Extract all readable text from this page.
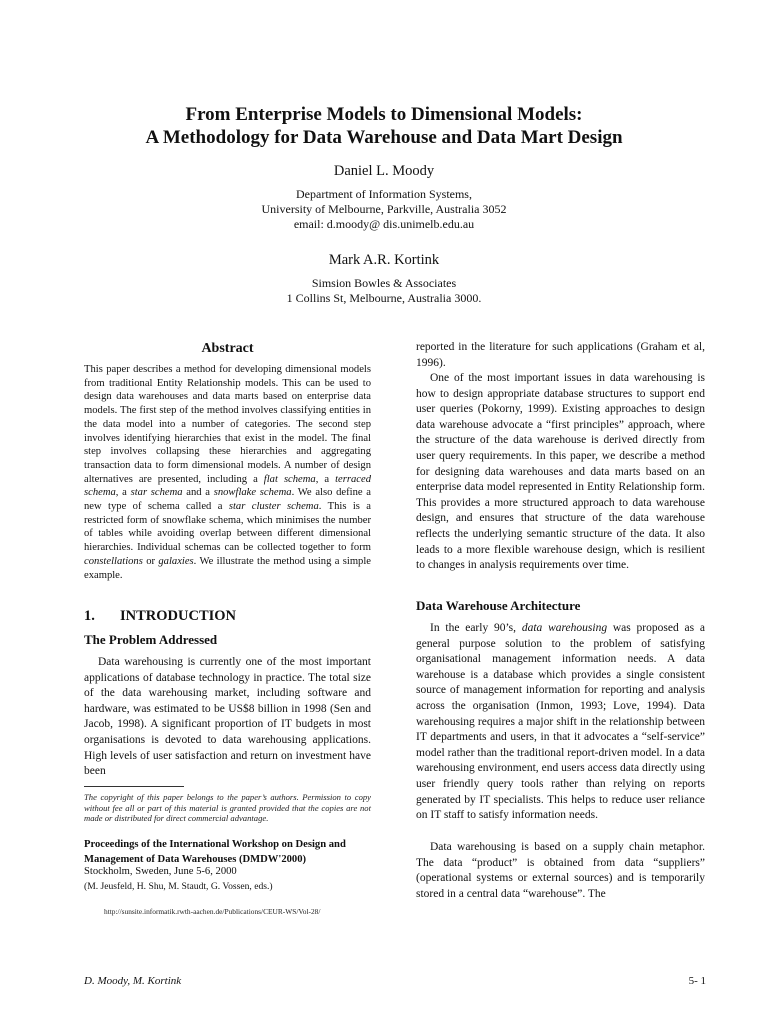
From Enterprise Models to Dimensional Models:
A Methodology for Data Warehouse and Data Mart Design
Daniel L. Moody
Department of Information Systems,
University of Melbourne, Parkville, Australia 3052
email: d.moody@ dis.unimelb.edu.au
Mark A.R. Kortink
Simsion Bowles & Associates
1 Collins St, Melbourne, Australia 3000.
Abstract
This paper describes a method for developing dimensional models from traditional Entity Relationship models. This can be used to design data warehouses and data marts based on enterprise data models. The first step of the method involves classifying entities in the data model into a number of categories. The second step involves identifying hierarchies that exist in the model. The final step involves collapsing these hierarchies and aggregating transaction data to form dimensional models. A number of design alternatives are presented, including a flat schema, a terraced schema, a star schema and a snowflake schema. We also define a new type of schema called a star cluster schema. This is a restricted form of snowflake schema, which minimises the number of tables while avoiding overlap between different dimensional hierarchies. Individual schemas can be collected together to form constellations or galaxies. We illustrate the method using a simple example.
1. INTRODUCTION
The Problem Addressed

Data warehousing is currently one of the most important applications of database technology in practice. The total size of the data warehousing market, including software and hardware, was estimated to be US$8 billion in 1998 (Sen and Jacob, 1998). A significant proportion of IT budgets in most organisations is devoted to data warehousing applications. High levels of user satisfaction and return on investment have been

The copyright of this paper belongs to the paper’s authors. Permission to copy without fee all or part of this material is granted provided that the copies are not made or distributed for direct commercial advantage.
Proceedings of the International Workshop on Design and Management of Data Warehouses (DMDW'2000)
Stockholm, Sweden, June 5-6, 2000
(M. Jeusfeld, H. Shu, M. Staudt, G. Vossen, eds.)
http://sunsite.informatik.rwth-aachen.de/Publications/CEUR-WS/Vol-28/

reported in the literature for such applications (Graham et al, 1996).

One of the most important issues in data warehousing is how to design appropriate database structures to support end user queries (Pokorny, 1999). Existing approaches to design data warehouse advocate a “first principles” approach, where the structure of the data warehouse is derived directly from user query requirements. In this paper, we describe a method for designing data warehouses and data marts based on an enterprise data model represented in Entity Relationship form. This provides a more structured approach to data warehouse design, and ensures that structure of the data warehouse reflects the underlying semantic structure of the data. It also leads to a more flexible warehouse design, which is resilient to changes in analysis requirements over time.

Data Warehouse Architecture

In the early 90’s, data warehousing was proposed as a general purpose solution to the problem of satisfying organisational management information needs. A data warehouse is a database which provides a single consistent source of management information for reporting and analysis across the organisation (Inmon, 1993; Love, 1994). Data warehousing requires a major shift in the relationship between IT departments and users, in that it advocates a “self-service” model rather than the traditional report-driven model. In a data warehousing environment, end users access data directly using user friendly query tools rather than relying on reports generated by IT specialists. This helps to reduce user reliance on IT staff to satisfy information needs.

Data warehousing is based on a supply chain metaphor. The data “product” is obtained from data “suppliers” (operational systems or external sources) and is temporarily stored in a central data “warehouse”. The

D. Moody, M. Kortink	5- 1
